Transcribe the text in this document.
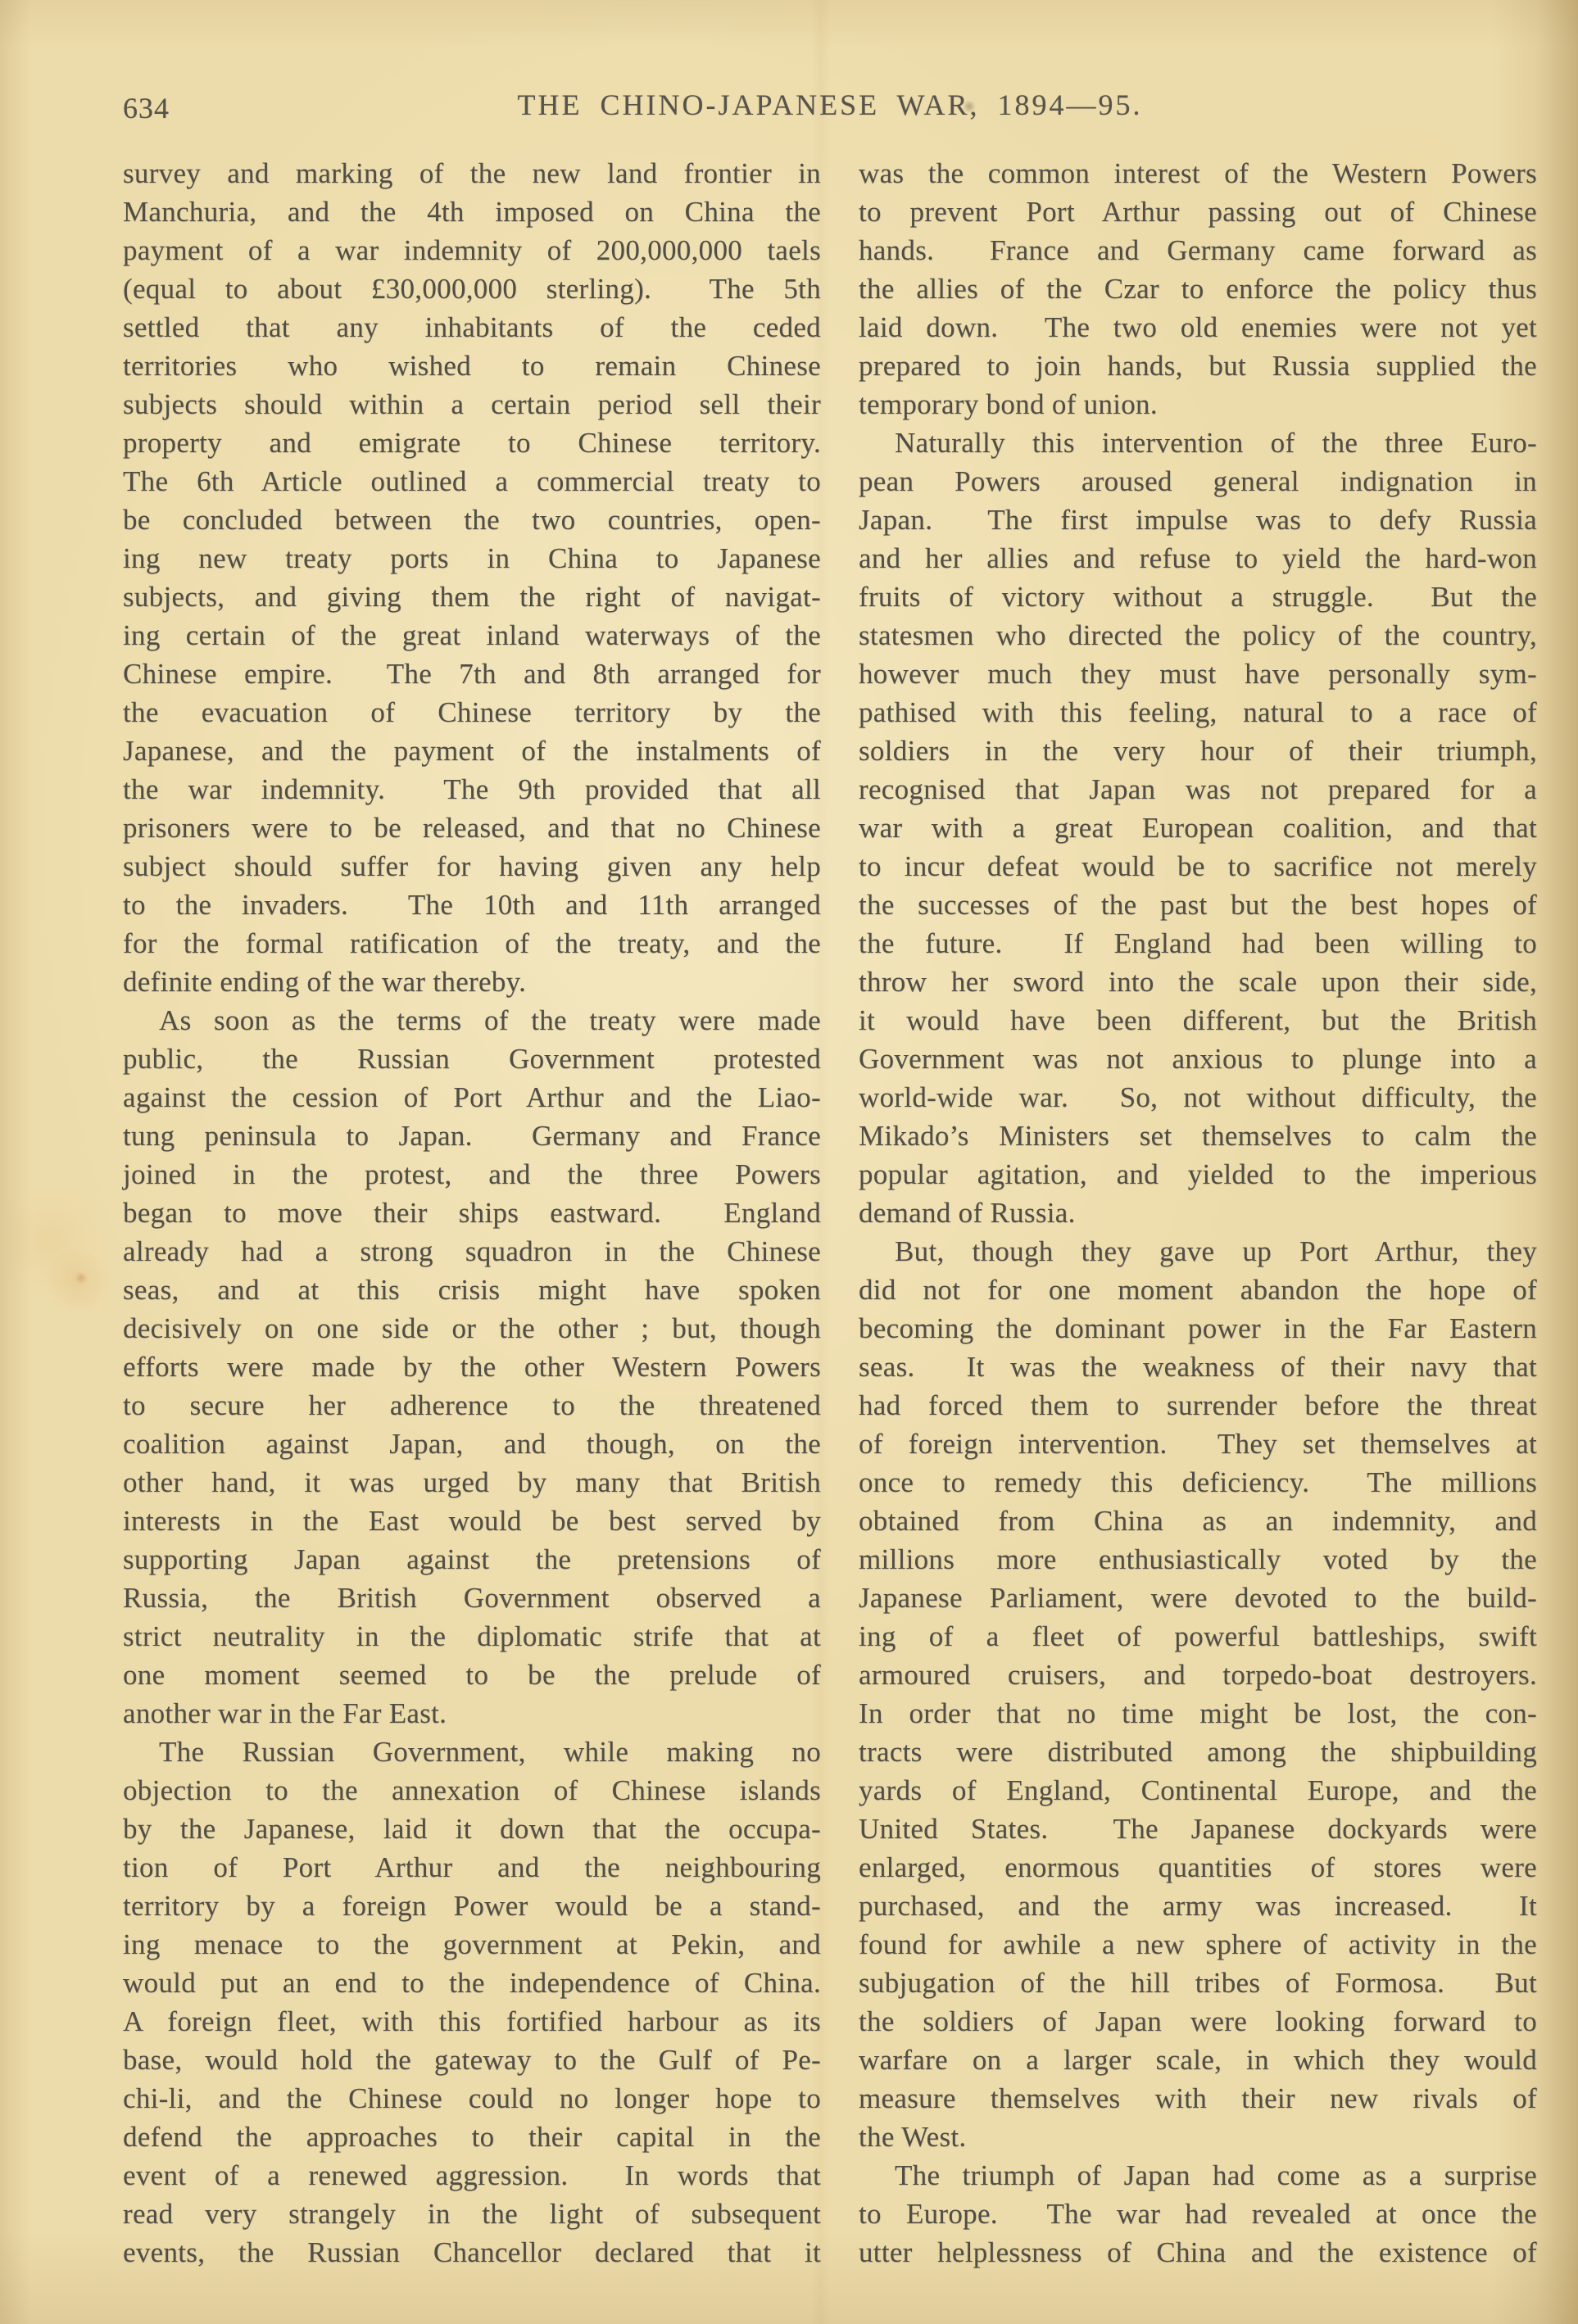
634	THE CHINO-JAPANESE WAR, 1894—95.
survey and marking of the new land frontier in
Manchuria, and the 4th imposed on China the
payment of a war indemnity of 200,000,000 taels
(equal to about £30,000,000 sterling).  The 5th
settled that any inhabitants of the ceded
territories who wished to remain Chinese
subjects should within a certain period sell their
property and emigrate to Chinese territory.
The 6th Article outlined a commercial treaty to
be concluded between the two countries, open-
ing new treaty ports in China to Japanese
subjects, and giving them the right of navigat-
ing certain of the great inland waterways of the
Chinese empire.  The 7th and 8th arranged for
the evacuation of Chinese territory by the
Japanese, and the payment of the instalments of
the war indemnity.  The 9th provided that all
prisoners were to be released, and that no Chinese
subject should suffer for having given any help
to the invaders.  The 10th and 11th arranged
for the formal ratification of the treaty, and the
definite ending of the war thereby.
As soon as the terms of the treaty were made
public, the Russian Government protested
against the cession of Port Arthur and the Liao-
tung peninsula to Japan.  Germany and France
joined in the protest, and the three Powers
began to move their ships eastward.  England
already had a strong squadron in the Chinese
seas, and at this crisis might have spoken
decisively on one side or the other ; but, though
efforts were made by the other Western Powers
to secure her adherence to the threatened
coalition against Japan, and though, on the
other hand, it was urged by many that British
interests in the East would be best served by
supporting Japan against the pretensions of
Russia, the British Government observed a
strict neutrality in the diplomatic strife that at
one moment seemed to be the prelude of
another war in the Far East.
The Russian Government, while making no
objection to the annexation of Chinese islands
by the Japanese, laid it down that the occupa-
tion of Port Arthur and the neighbouring
territory by a foreign Power would be a stand-
ing menace to the government at Pekin, and
would put an end to the independence of China.
A foreign fleet, with this fortified harbour as its
base, would hold the gateway to the Gulf of Pe-
chi-li, and the Chinese could no longer hope to
defend the approaches to their capital in the
event of a renewed aggression.  In words that
read very strangely in the light of subsequent
events, the Russian Chancellor declared that it
was the common interest of the Western Powers
to prevent Port Arthur passing out of Chinese
hands.  France and Germany came forward as
the allies of the Czar to enforce the policy thus
laid down.  The two old enemies were not yet
prepared to join hands, but Russia supplied the
temporary bond of union.
Naturally this intervention of the three Euro-
pean Powers aroused general indignation in
Japan.  The first impulse was to defy Russia
and her allies and refuse to yield the hard-won
fruits of victory without a struggle.  But the
statesmen who directed the policy of the country,
however much they must have personally sym-
pathised with this feeling, natural to a race of
soldiers in the very hour of their triumph,
recognised that Japan was not prepared for a
war with a great European coalition, and that
to incur defeat would be to sacrifice not merely
the successes of the past but the best hopes of
the future.  If England had been willing to
throw her sword into the scale upon their side,
it would have been different, but the British
Government was not anxious to plunge into a
world-wide war.  So, not without difficulty, the
Mikado’s Ministers set themselves to calm the
popular agitation, and yielded to the imperious
demand of Russia.
But, though they gave up Port Arthur, they
did not for one moment abandon the hope of
becoming the dominant power in the Far Eastern
seas.  It was the weakness of their navy that
had forced them to surrender before the threat
of foreign intervention.  They set themselves at
once to remedy this deficiency.  The millions
obtained from China as an indemnity, and
millions more enthusiastically voted by the
Japanese Parliament, were devoted to the build-
ing of a fleet of powerful battleships, swift
armoured cruisers, and torpedo-boat destroyers.
In order that no time might be lost, the con-
tracts were distributed among the shipbuilding
yards of England, Continental Europe, and the
United States.  The Japanese dockyards were
enlarged, enormous quantities of stores were
purchased, and the army was increased.  It
found for awhile a new sphere of activity in the
subjugation of the hill tribes of Formosa.  But
the soldiers of Japan were looking forward to
warfare on a larger scale, in which they would
measure themselves with their new rivals of
the West.
The triumph of Japan had come as a surprise
to Europe.  The war had revealed at once the
utter helplessness of China and the existence of
